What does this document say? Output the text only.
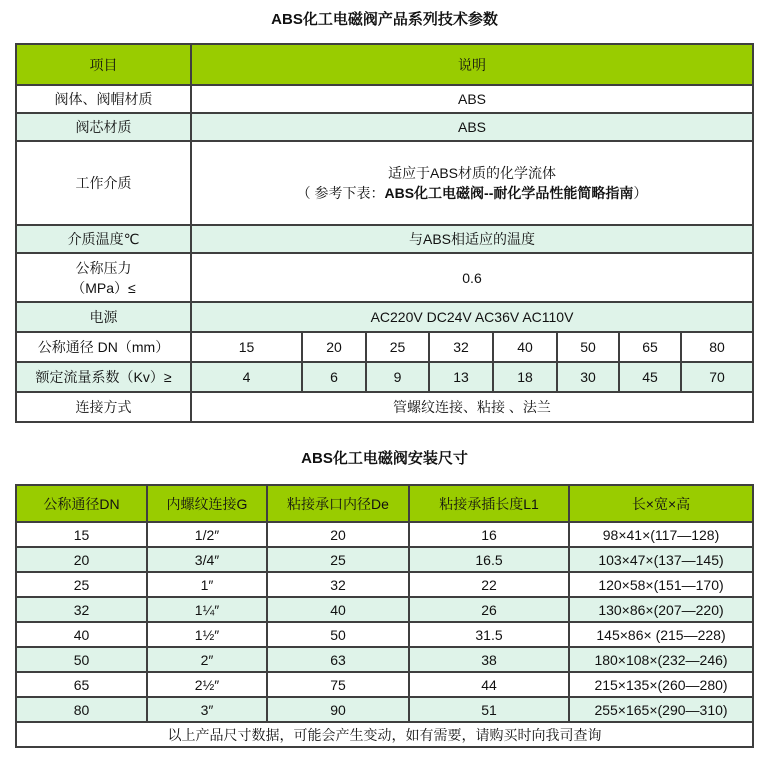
ABS化工电磁阀产品系列技术参数
项目	说明							
阀体、阀帽材质	ABS							
阀芯材质	ABS							
工作介质	适应于ABS材质的化学流体
（ 参考下表：ABS化工电磁阀--耐化学品性能简略指南）							

介质温度℃	与ABS相适应的温度							

公称压力
（MPa）≤	0.6							
电源	AC220V DC24V AC36V AC110V							
公称通径 DN（mm）	15	20	25	32	40	50	65	80
额定流量系数（Kv）≥	4	6	9	13	18	30	45	70
连接方式	管螺纹连接、粘接 、法兰							
ABS化工电磁阀安装尺寸
公称通径DN	内螺纹连接G	粘接承口内径De	粘接承插长度L1	长×宽×高
15	1/2″	20	16	98×41×(117—128)
20	3/4″	25	16.5	103×47×(137—145)
25	1″	32	22	120×58×(151—170)
32	1¼″	40	26	130×86×(207—220)
40	1½″	50	31.5	145×86× (215—228)
50	2″	63	38	180×108×(232—246)
65	2½″	75	44	215×135×(260—280)
80	3″	90	51	255×165×(290—310)
以上产品尺寸数据，可能会产生变动，如有需要，请购买时向我司查询				
